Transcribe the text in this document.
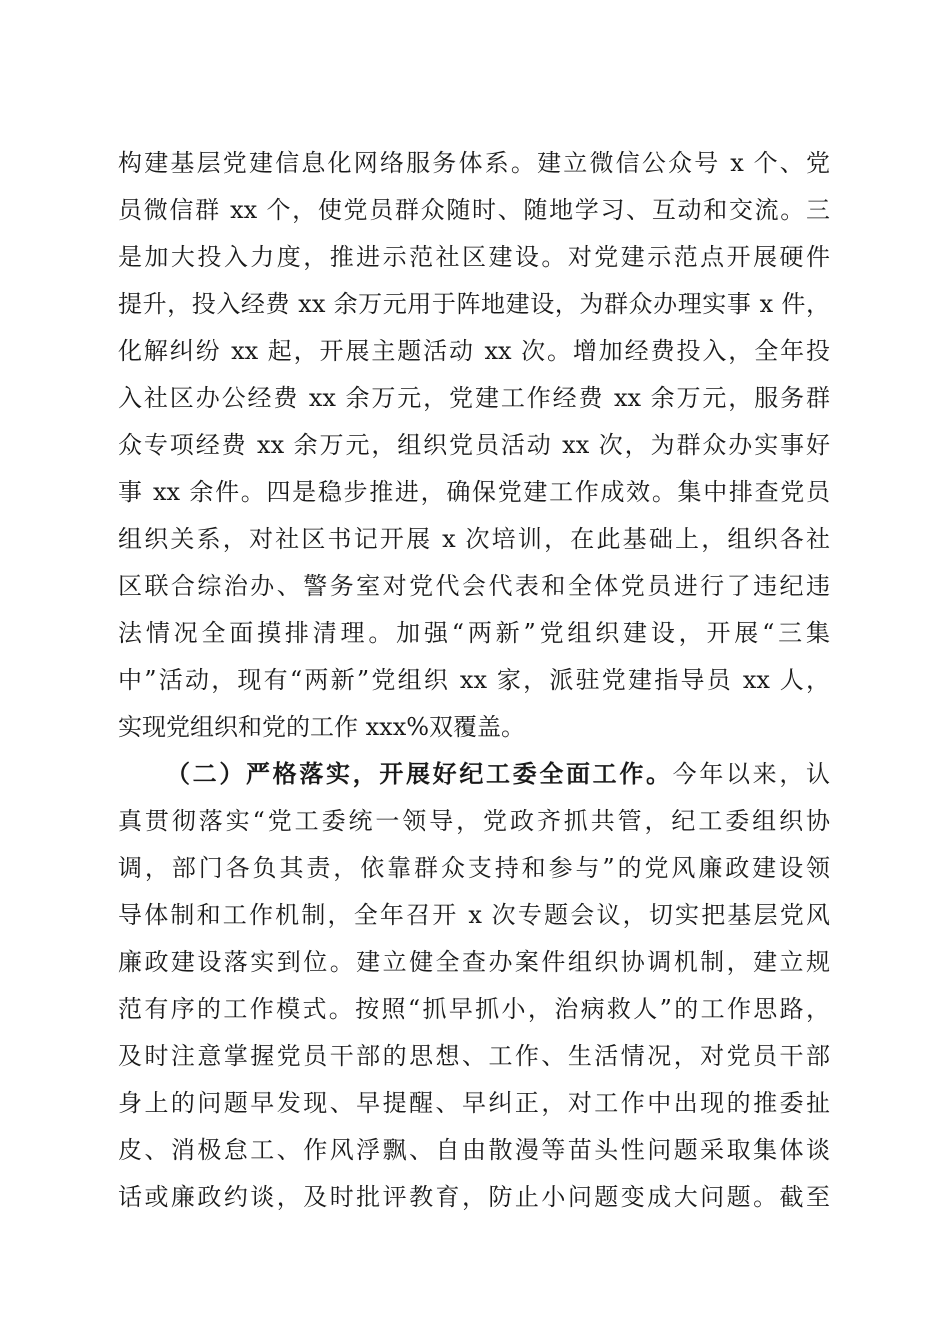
构建基层党建信息化网络服务体系。建立微信公众号 x 个、党
员微信群 xx 个，使党员群众随时、随地学习、互动和交流。三
是加大投入力度，推进示范社区建设。对党建示范点开展硬件
提升，投入经费 xx 余万元用于阵地建设，为群众办理实事 x 件，
化解纠纷 xx 起，开展主题活动 xx 次。增加经费投入，全年投
入社区办公经费 xx 余万元，党建工作经费 xx 余万元，服务群
众专项经费 xx 余万元，组织党员活动 xx 次，为群众办实事好
事 xx 余件。四是稳步推进，确保党建工作成效。集中排查党员
组织关系，对社区书记开展 x 次培训，在此基础上，组织各社
区联合综治办、警务室对党代会代表和全体党员进行了违纪违
法情况全面摸排清理。加强“两新”党组织建设，开展“三集
中”活动，现有“两新”党组织 xx 家，派驻党建指导员 xx 人，
实现党组织和党的工作 xxx%双覆盖。
（二）严格落实，开展好纪工委全面工作。今年以来，认
真贯彻落实“党工委统一领导，党政齐抓共管，纪工委组织协
调，部门各负其责，依靠群众支持和参与”的党风廉政建设领
导体制和工作机制，全年召开 x 次专题会议，切实把基层党风
廉政建设落实到位。建立健全查办案件组织协调机制，建立规
范有序的工作模式。按照“抓早抓小，治病救人”的工作思路，
及时注意掌握党员干部的思想、工作、生活情况，对党员干部
身上的问题早发现、早提醒、早纠正，对工作中出现的推委扯
皮、消极怠工、作风浮飘、自由散漫等苗头性问题采取集体谈
话或廉政约谈，及时批评教育，防止小问题变成大问题。截至
